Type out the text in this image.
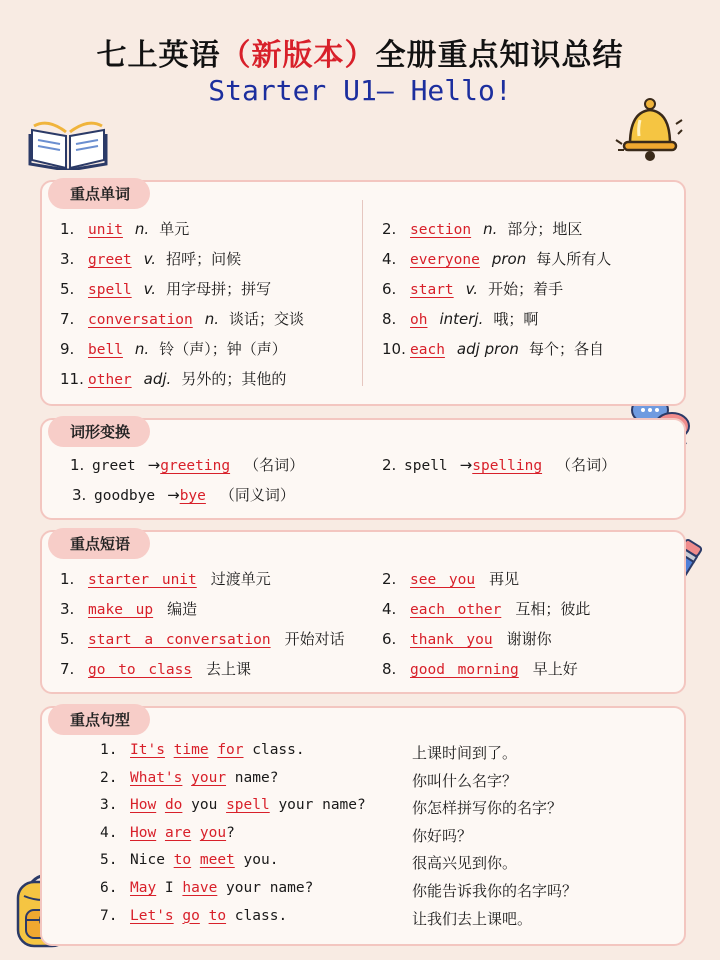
七上英语（新版本）全册重点知识总结
Starter U1— Hello!
重点单词
1. unit n. 单元	2. section n. 部分；地区
3. greet v. 招呼；问候	4. everyone pron 每人所有人
5. spell v. 用字母拼；拼写	6. start v. 开始；着手
7. conversation n. 谈话；交谈	8. oh interj. 哦；啊
9. bell n. 铃（声）；钟（声）	10. each adj pron 每个；各自
11. other adj. 另外的；其他的
词形变换
1. greet →greeting （名词）	2. spell →spelling （名词）
3. goodbye →bye （同义词）
重点短语
1. starter unit 过渡单元	2. see you 再见
3. make up 编造	4. each other 互相；彼此
5. start a conversation 开始对话 6. thank you 谢谢你
7. go to class 去上课	8. good morning 早上好
重点句型
1. It's time for class.	上课时间到了。
2. What's your name?	你叫什么名字？
3. How do you spell your name?	你怎样拼写你的名字？
4. How are you?	你好吗？
5. Nice to meet you.	很高兴见到你。
6. May I have your name?	你能告诉我你的名字吗？
7. Let's go to class.	让我们去上课吧。
